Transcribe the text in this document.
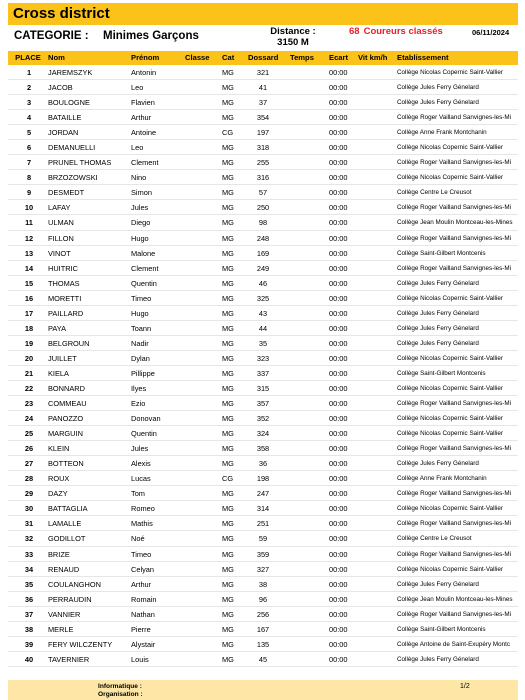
Cross district
CATEGORIE : Minimes Garçons	Distance :
3150 M
68 Coureurs classés	06/11/2024
PLACE Nom	Prénom	Classe Cat Dossard Temps Ecart Vit km/h Etablissement
1	JAREMSZYK	Antonin	MG	321	00:00	Collège Nicolas Copernic Saint-Vallier
2	JACOB	Leo	MG	41	00:00	Collège Jules Ferry Génelard
3	BOULOGNE	Flavien	MG	37	00:00	Collège Jules Ferry Génelard
4	BATAILLE	Arthur	MG	354	00:00	Collège Roger Vailland Sanvignes-les-Mi
5	JORDAN	Antoine	CG	197	00:00	Collège Anne Frank Montchanin
6	DEMANUELLI	Leo	MG	318	00:00	Collège Nicolas Copernic Saint-Vallier
7	PRUNEL THOMAS	Clement	MG	255	00:00	Collège Roger Vailland Sanvignes-les-Mi
8	BRZOZOWSKI	Nino	MG	316	00:00	Collège Nicolas Copernic Saint-Vallier
9	DESMEDT	Simon	MG	57	00:00	Collège Centre Le Creusot
10	LAFAY	Jules	MG	250	00:00	Collège Roger Vailland Sanvignes-les-Mi
11	ULMAN	Diego	MG	98	00:00	Collège Jean Moulin Montceau-les-Mines
12	FILLON	Hugo	MG	248	00:00	Collège Roger Vailland Sanvignes-les-Mi
13	VINOT	Malone	MG	169	00:00	Collège Saint-Gilbert Montcenis
14	HUITRIC	Clement	MG	249	00:00	Collège Roger Vailland Sanvignes-les-Mi
15	THOMAS	Quentin	MG	46	00:00	Collège Jules Ferry Génelard
16	MORETTI	Timeo	MG	325	00:00	Collège Nicolas Copernic Saint-Vallier
17	PAILLARD	Hugo	MG	43	00:00	Collège Jules Ferry Génelard
18	PAYA	Toann	MG	44	00:00	Collège Jules Ferry Génelard
19	BELGROUN	Nadir	MG	35	00:00	Collège Jules Ferry Génelard
20	JUILLET	Dylan	MG	323	00:00	Collège Nicolas Copernic Saint-Vallier
21	KIELA	Pillippe	MG	337	00:00	Collège Saint-Gilbert Montcenis
22	BONNARD	Ilyes	MG	315	00:00	Collège Nicolas Copernic Saint-Vallier
23	COMMEAU	Ezio	MG	357	00:00	Collège Roger Vailland Sanvignes-les-Mi
24	PANOZZO	Donovan	MG	352	00:00	Collège Nicolas Copernic Saint-Vallier
25	MARGUIN	Quentin	MG	324	00:00	Collège Nicolas Copernic Saint-Vallier
26	KLEIN	Jules	MG	358	00:00	Collège Roger Vailland Sanvignes-les-Mi
27	BOTTEON	Alexis	MG	36	00:00	Collège Jules Ferry Génelard
28	ROUX	Lucas	CG	198	00:00	Collège Anne Frank Montchanin
29	DAZY	Tom	MG	247	00:00	Collège Roger Vailland Sanvignes-les-Mi
30	BATTAGLIA	Romeo	MG	314	00:00	Collège Nicolas Copernic Saint-Vallier
31	LAMALLE	Mathis	MG	251	00:00	Collège Roger Vailland Sanvignes-les-Mi
32	GODILLOT	Noé	MG	59	00:00	Collège Centre Le Creusot
33	BRIZE	Timeo	MG	359	00:00	Collège Roger Vailland Sanvignes-les-Mi
34	RENAUD	Celyan	MG	327	00:00	Collège Nicolas Copernic Saint-Vallier
35	COULANGHON	Arthur	MG	38	00:00	Collège Jules Ferry Génelard
36	PERRAUDIN	Romain	MG	96	00:00	Collège Jean Moulin Montceau-les-Mines
37	VANNIER	Nathan	MG	256	00:00	Collège Roger Vailland Sanvignes-les-Mi
38	MERLE	Pierre	MG	167	00:00	Collège Saint-Gilbert Montcenis
39	FERY WILCZENTY	Alystair	MG	135	00:00	Collège Antoine de Saint-Exupéry Montc
40	TAVERNIER	Louis	MG	45	00:00	Collège Jules Ferry Génelard
Informatique :
Organisation :
1/2
